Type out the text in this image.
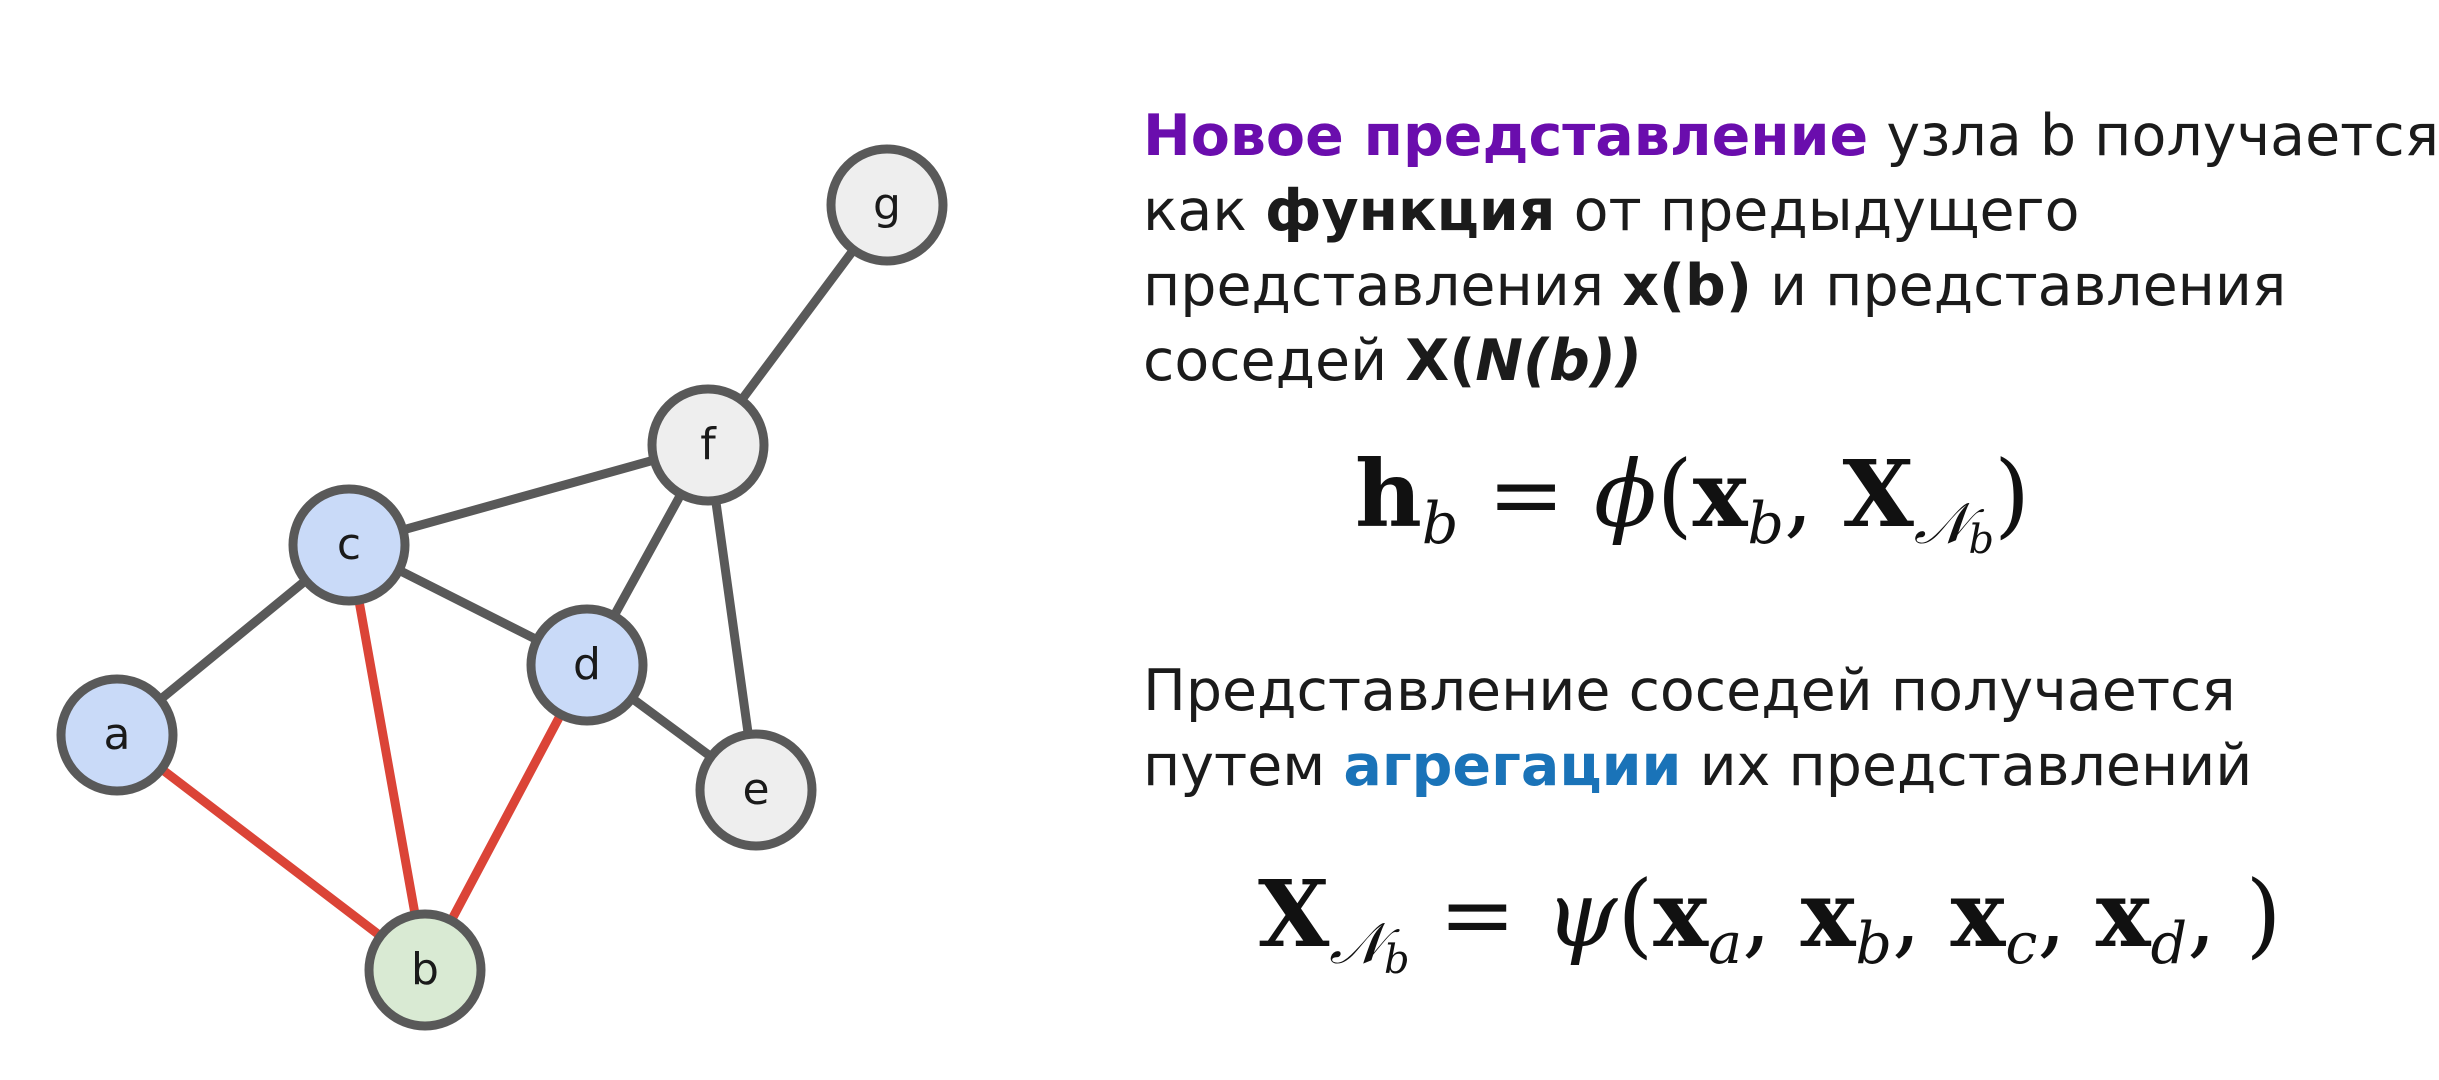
a
b
c
d
e
f
g
Новое представление узла b получается
как функция от предыдущего
представления x(b) и представления
соседей X(N(b))
$h_b = \phi(x_b$, $X_{𝒩b}$)
Представление соседей получается
путем агрегации их представлений
$X_{𝒩b} = \psi(x_a$, $x_b$, $x_c$, $x_d$, )
